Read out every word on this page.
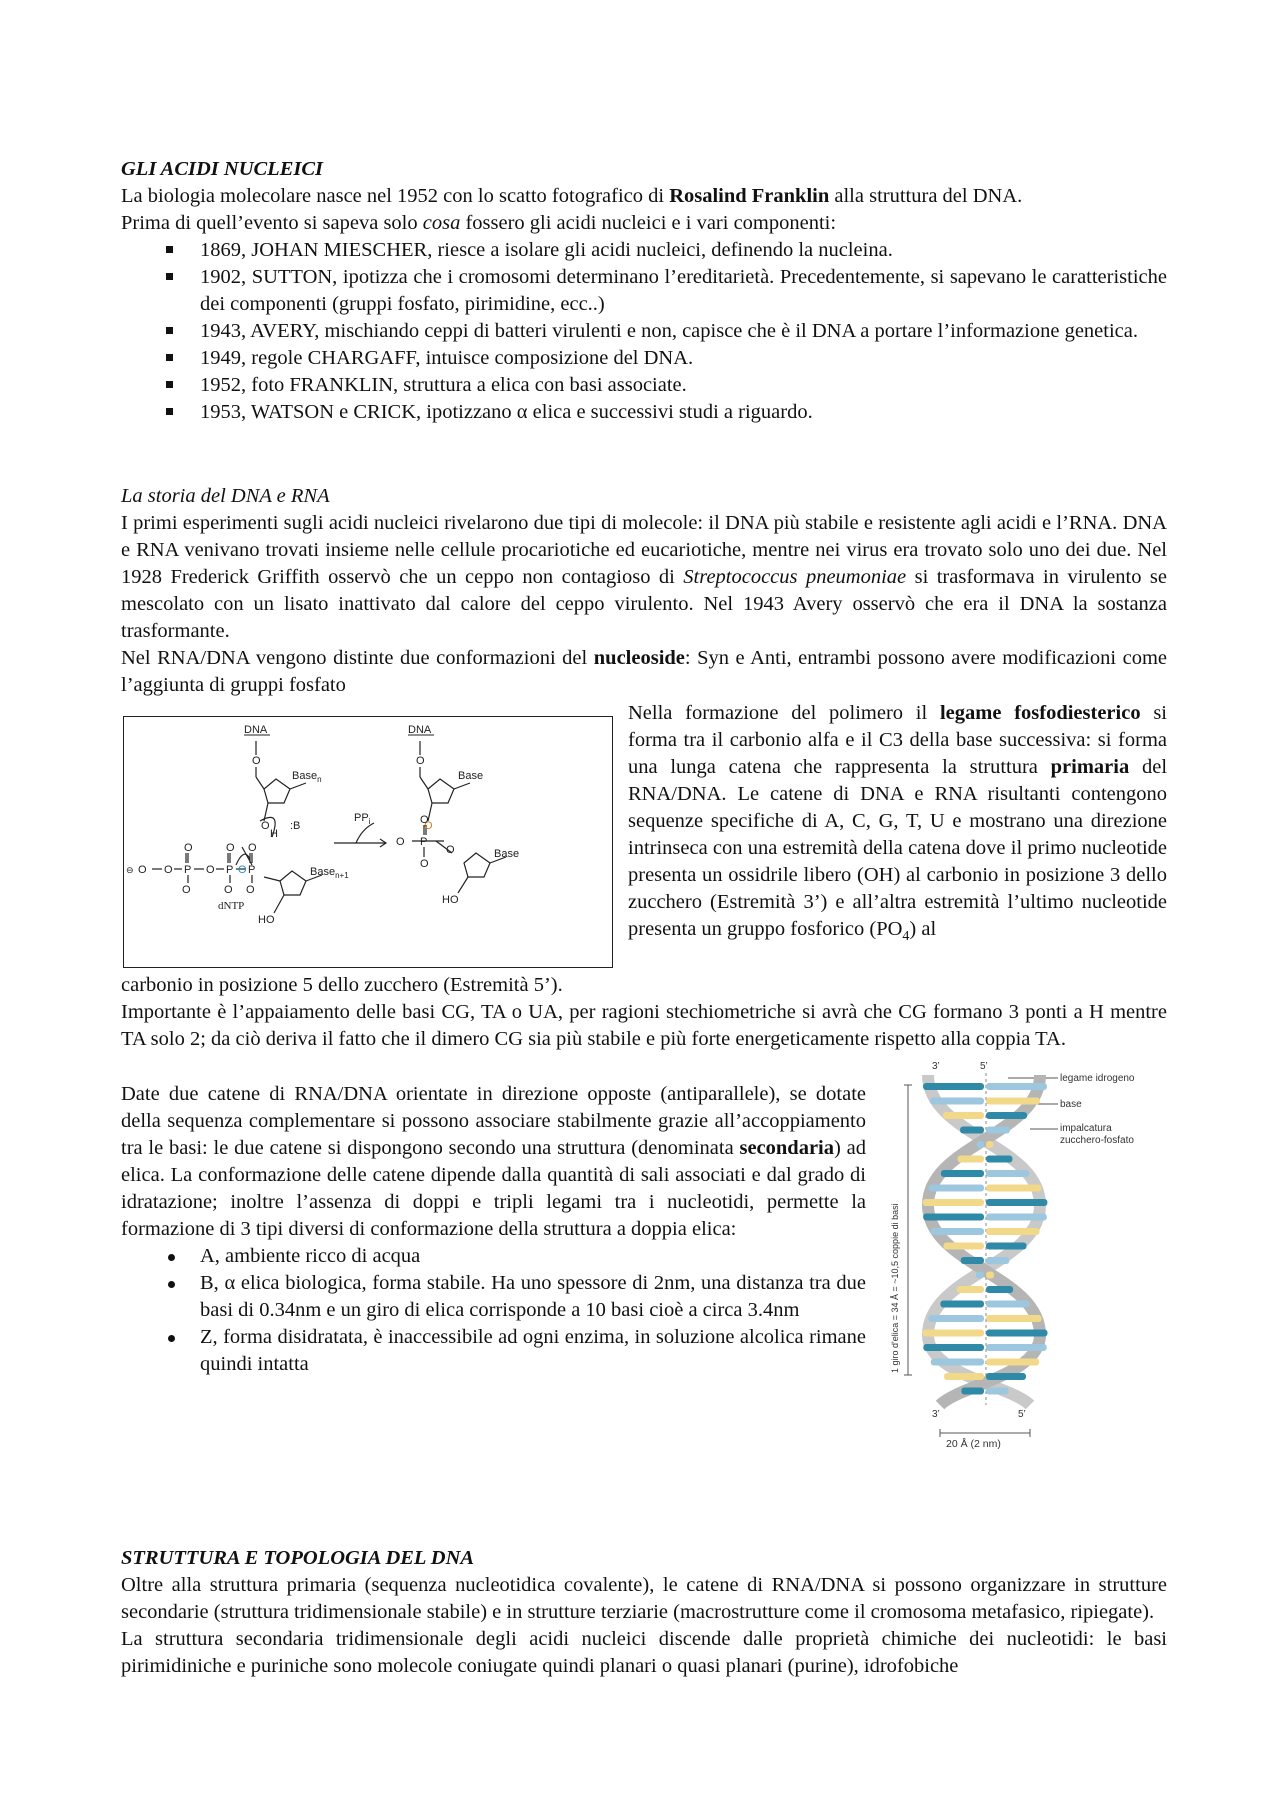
GLI ACIDI NUCLEICI

La biologia molecolare nasce nel 1952 con lo scatto fotografico di Rosalind Franklin alla struttura del DNA.

Prima di quell’evento si sapeva solo cosa fossero gli acidi nucleici e i vari componenti:

1869, JOHAN MIESCHER, riesce a isolare gli acidi nucleici, definendo la nucleina.
1902, SUTTON, ipotizza che i cromosomi determinano l’ereditarietà. Precedentemente, si sapevano le caratteristiche dei componenti (gruppi fosfato, pirimidine, ecc..)
1943, AVERY, mischiando ceppi di batteri virulenti e non, capisce che è il DNA a portare l’informazione genetica.
1949, regole CHARGAFF, intuisce composizione del DNA.
1952, foto FRANKLIN, struttura a elica con basi associate.
1953, WATSON e CRICK, ipotizzano α elica e successivi studi a riguardo.
La storia del DNA e RNA

I primi esperimenti sugli acidi nucleici rivelarono due tipi di molecole: il DNA più stabile e resistente agli acidi e l’RNA. DNA e RNA venivano trovati insieme nelle cellule procariotiche ed eucariotiche, mentre nei virus era trovato solo uno dei due. Nel 1928 Frederick Griffith osservò che un ceppo non contagioso di Streptococcus pneumoniae si trasformava in virulento se mescolato con un lisato inattivato dal calore del ceppo virulento. Nel 1943 Avery osservò che era il DNA la sostanza trasformante.

Nel RNA/DNA vengono distinte due conformazioni del nucleoside: Syn e Anti, entrambi possono avere modificazioni come l’aggiunta di gruppi fosfato

DNA
O
Base$_n$
O
H
:B
⊖ O O P
O
O
O P
O
O
O P
O
O
Base$_{n+1}$
dNTP
HO
$PP_i$
DNA
O
Base
O
O P
O
O
O	Base
HO

Nella formazione del polimero il legame fosfodiesterico si forma tra il carbonio alfa e il C3 della base successiva: si forma una lunga catena che rappresenta la struttura primaria del RNA/DNA. Le catene di DNA e RNA risultanti contengono sequenze specifiche di A, C, G, T, U e mostrano una direzione intrinseca con una estremità della catena dove il primo nucleotide presenta un ossidrile libero (OH) al carbonio in posizione 3 dello zucchero (Estremità 3’) e all’altra estremità l’ultimo nucleotide presenta un gruppo fosforico $(PO_4)$ al

carbonio in posizione 5 dello zucchero (Estremità 5’).

Importante è l’appaiamento delle basi CG, TA o UA, per ragioni stechiometriche si avrà che CG formano 3 ponti a H mentre TA solo 2; da ciò deriva il fatto che il dimero CG sia più stabile e più forte energeticamente rispetto alla coppia TA.

Date due catene di RNA/DNA orientate in direzione opposte (antiparallele), se dotate della sequenza complementare si possono associare stabilmente grazie all’accoppiamento tra le basi: le due catene si dispongono secondo una struttura (denominata secondaria) ad elica. La conformazione delle catene dipende dalla quantità di sali associati e dal grado di idratazione; inoltre l’assenza di doppi e tripli legami tra i nucleotidi, permette la formazione di 3 tipi diversi di conformazione della struttura a doppia elica:

A, ambiente ricco di acqua
B, α elica biologica, forma stabile. Ha uno spessore di 2nm, una distanza tra due basi di 0.34nm e un giro di elica corrisponde a 10 basi cioè a circa 3.4nm
Z, forma disidratata, è inaccessibile ad ogni enzima, in soluzione alcolica rimane quindi intatta
3’	5’
3’	5’
legame idrogeno
base
impalcatura
zucchero-fosfato
20 Å (2 nm)
1 giro d'elica = 34 Å = ~10,5 coppie di basi
STRUTTURA E TOPOLOGIA DEL DNA

Oltre alla struttura primaria (sequenza nucleotidica covalente), le catene di RNA/DNA si possono organizzare in strutture secondarie (struttura tridimensionale stabile) e in strutture terziarie (macrostrutture come il cromosoma metafasico, ripiegate).

La struttura secondaria tridimensionale degli acidi nucleici discende dalle proprietà chimiche dei nucleotidi: le basi pirimidiniche e puriniche sono molecole coniugate quindi planari o quasi planari (purine), idrofobiche
